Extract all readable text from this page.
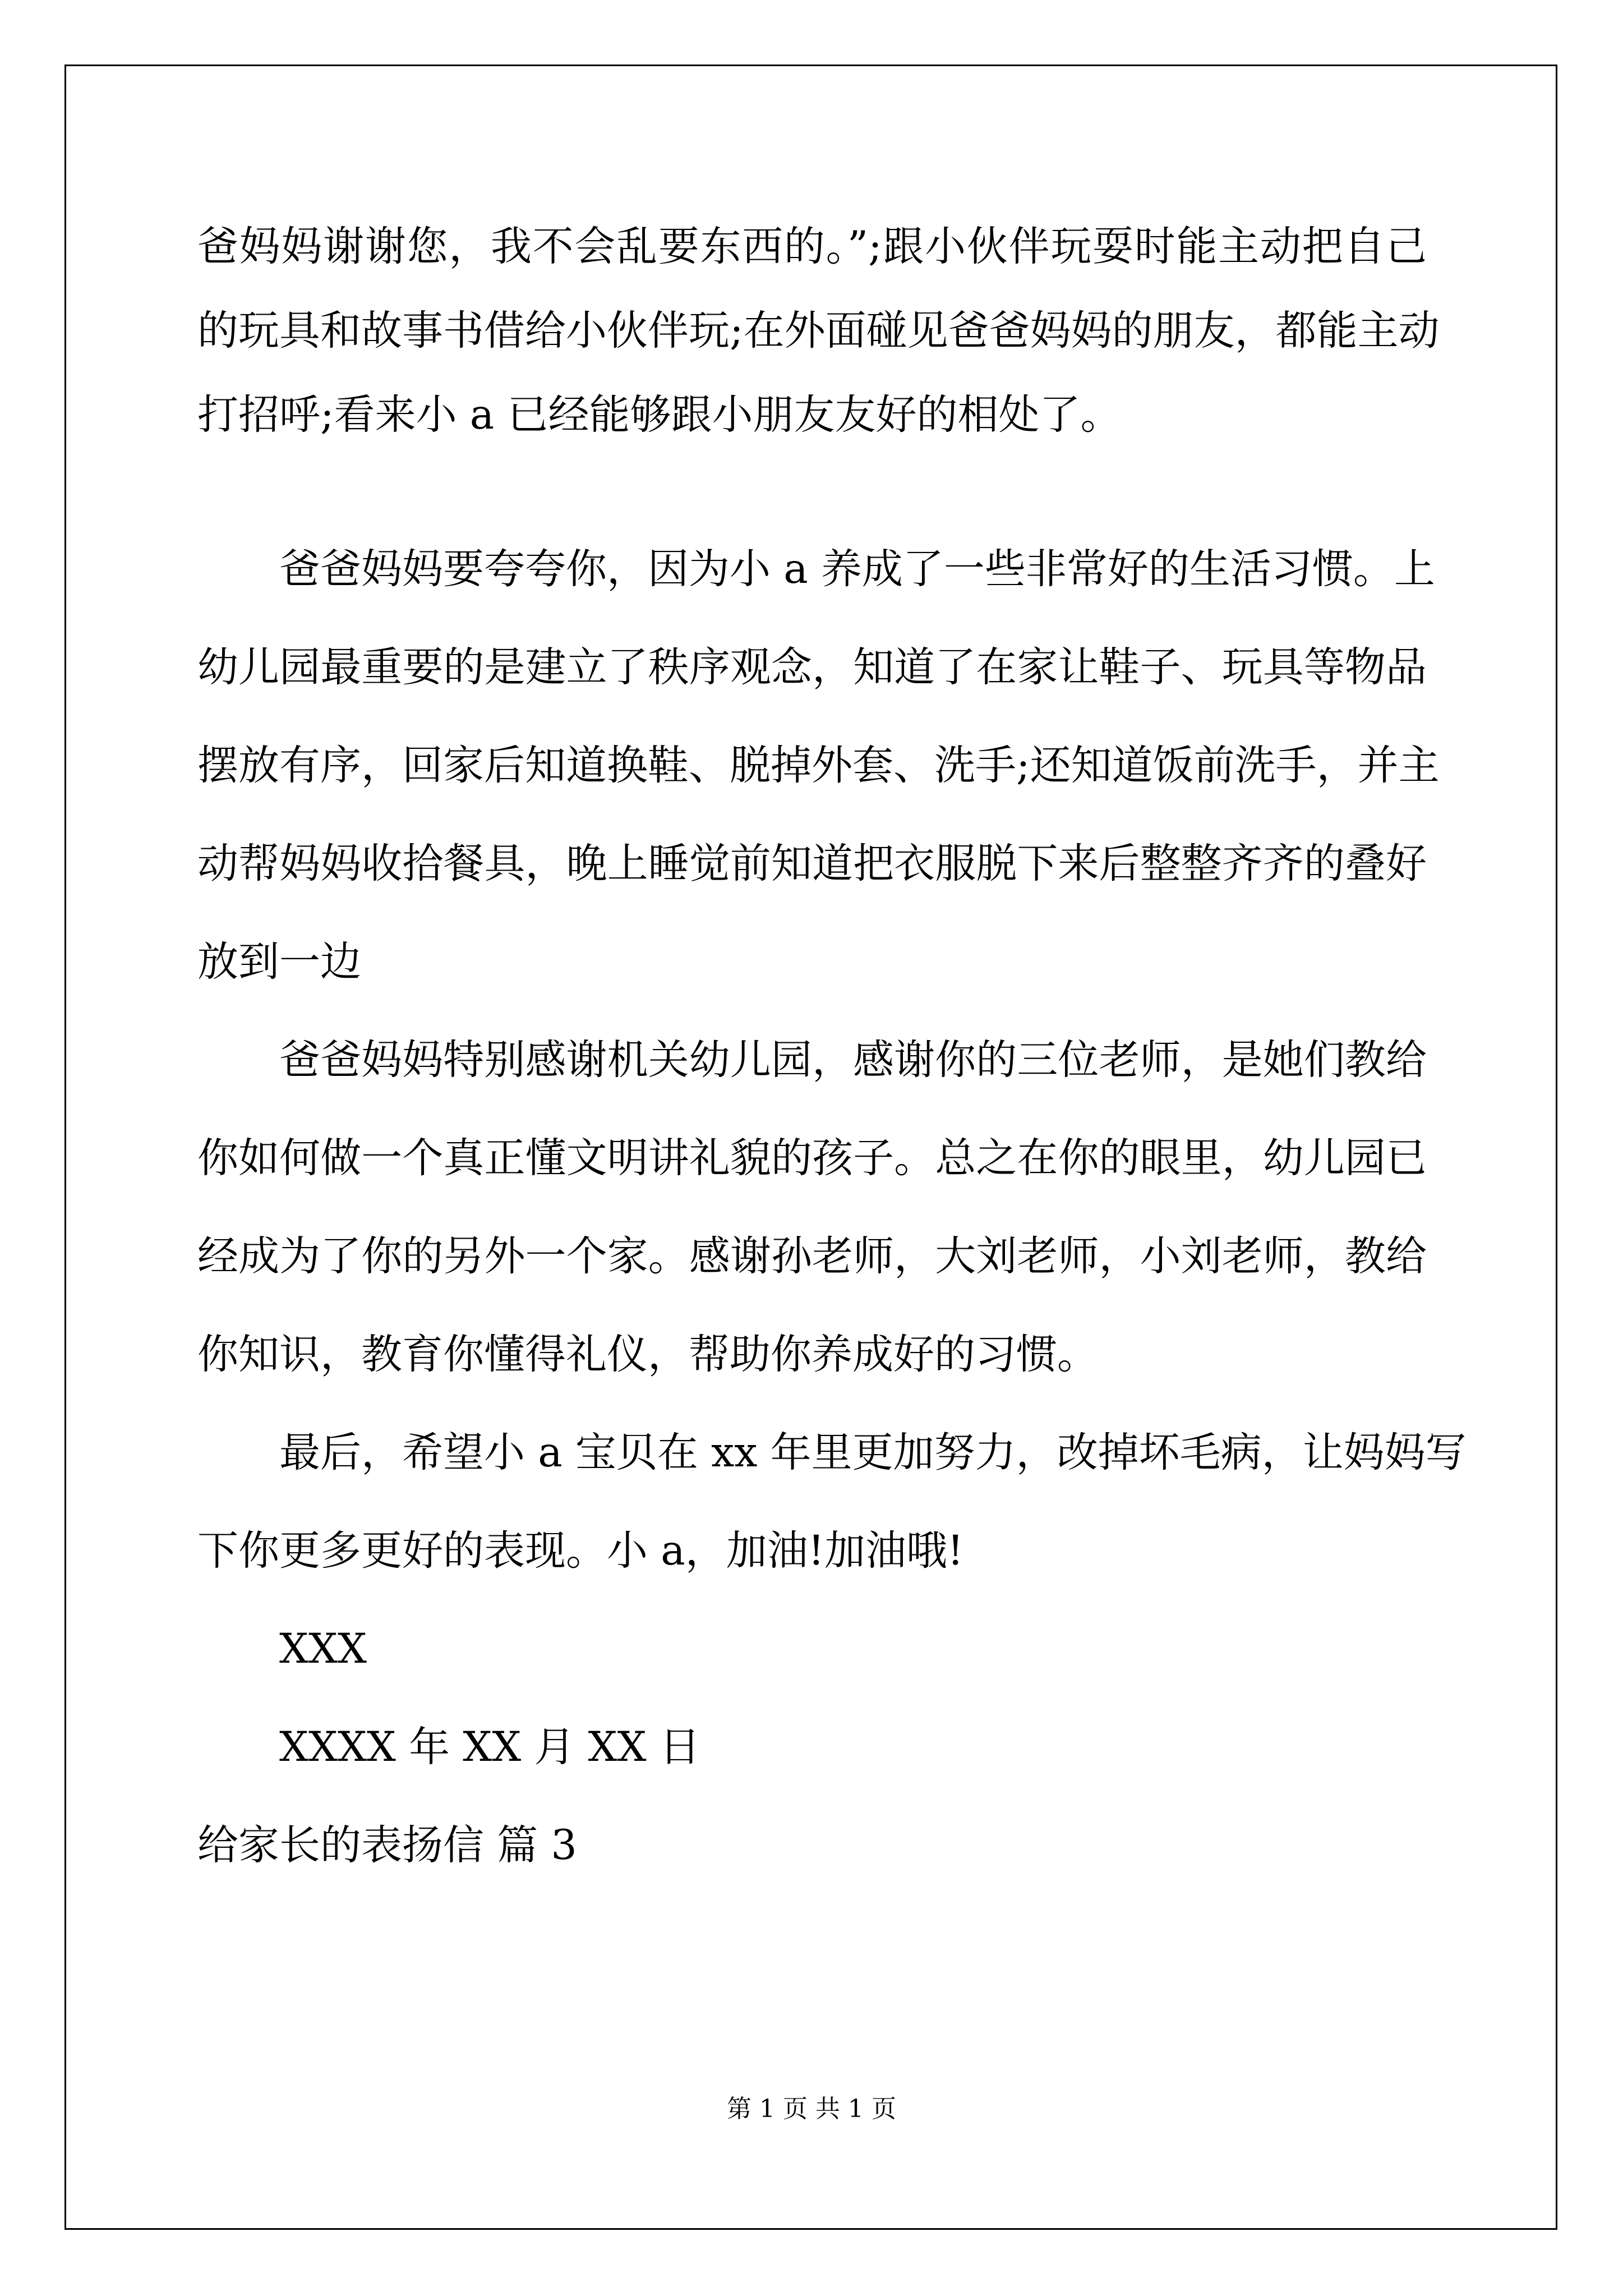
爸妈妈谢谢您，我不会乱要东西的。”;跟小伙伴玩耍时能主动把自己
的玩具和故事书借给小伙伴玩;在外面碰见爸爸妈妈的朋友，都能主动
打招呼;看来小 a 已经能够跟小朋友友好的相处了。
爸爸妈妈要夸夸你，因为小 a 养成了一些非常好的生活习惯。上
幼儿园最重要的是建立了秩序观念，知道了在家让鞋子、玩具等物品
摆放有序，回家后知道换鞋、脱掉外套、洗手;还知道饭前洗手，并主
动帮妈妈收拾餐具，晚上睡觉前知道把衣服脱下来后整整齐齐的叠好
放到一边
爸爸妈妈特别感谢机关幼儿园，感谢你的三位老师，是她们教给
你如何做一个真正懂文明讲礼貌的孩子。总之在你的眼里，幼儿园已
经成为了你的另外一个家。感谢孙老师，大刘老师，小刘老师，教给
你知识，教育你懂得礼仪，帮助你养成好的习惯。
最后，希望小 a 宝贝在 xx 年里更加努力，改掉坏毛病，让妈妈写
下你更多更好的表现。小 a，加油!加油哦!
XXX
XXXX 年 XX 月 XX 日
给家长的表扬信 篇 3
第 1 页 共 1 页
